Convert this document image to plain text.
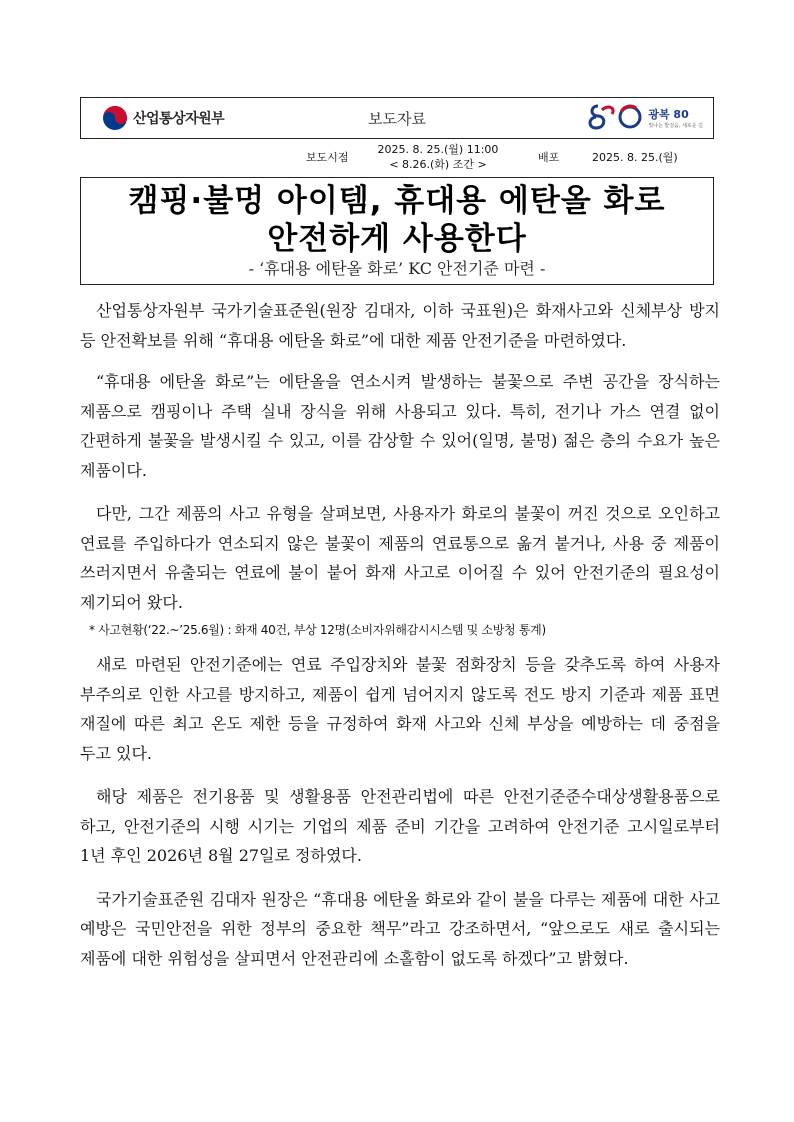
산업통상자원부	보도자료	광복 80
빛나는 발걸음, 새로운 길
보도시점
2025. 8. 25.(월) 11:00
< 8.26.(화) 조간 >
배포	2025. 8. 25.(월)
캠핑·불멍 아이템, 휴대용 에탄올 화로
안전하게 사용한다
- ‘휴대용 에탄올 화로’ KC 안전기준 마련 -

산업통상자원부 국가기술표준원(원장 김대자, 이하 국표원)은 화재사고와 신체부상 방지 등 안전확보를 위해 “휴대용 에탄올 화로”에 대한 제품 안전기준을 마련하였다.

“휴대용 에탄올 화로”는 에탄올을 연소시켜 발생하는 불꽃으로 주변 공간을 장식하는 제품으로 캠핑이나 주택 실내 장식을 위해 사용되고 있다. 특히, 전기나 가스 연결 없이 간편하게 불꽃을 발생시킬 수 있고, 이를 감상할 수 있어(일명, 불멍) 젊은 층의 수요가 높은 제품이다.

다만, 그간 제품의 사고 유형을 살펴보면, 사용자가 화로의 불꽃이 꺼진 것으로 오인하고 연료를 주입하다가 연소되지 않은 불꽃이 제품의 연료통으로 옮겨 붙거나, 사용 중 제품이 쓰러지면서 유출되는 연료에 불이 붙어 화재 사고로 이어질 수 있어 안전기준의 필요성이 제기되어 왔다.

* 사고현황(‘22.~’25.6월) : 화재 40건, 부상 12명(소비자위해감시시스템 및 소방청 통계)

새로 마련된 안전기준에는 연료 주입장치와 불꽃 점화장치 등을 갖추도록 하여 사용자 부주의로 인한 사고를 방지하고, 제품이 쉽게 넘어지지 않도록 전도 방지 기준과 제품 표면 재질에 따른 최고 온도 제한 등을 규정하여 화재 사고와 신체 부상을 예방하는 데 중점을 두고 있다.

해당 제품은 전기용품 및 생활용품 안전관리법에 따른 안전기준준수대상생활용품으로 하고, 안전기준의 시행 시기는 기업의 제품 준비 기간을 고려하여 안전기준 고시일로부터 1년 후인 2026년 8월 27일로 정하였다.

국가기술표준원 김대자 원장은 “휴대용 에탄올 화로와 같이 불을 다루는 제품에 대한 사고 예방은 국민안전을 위한 정부의 중요한 책무”라고 강조하면서, “앞으로도 새로 출시되는 제품에 대한 위험성을 살피면서 안전관리에 소홀함이 없도록 하겠다”고 밝혔다.
